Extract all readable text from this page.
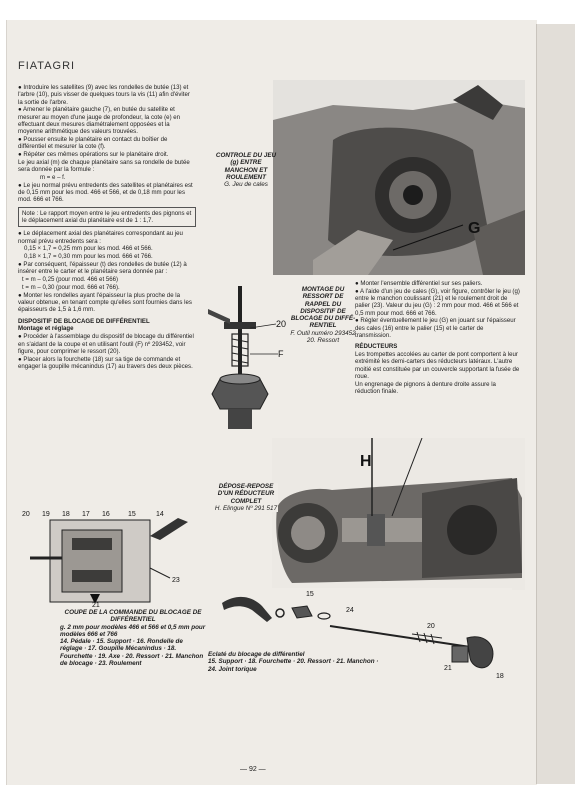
FIATAGRI

● Introduire les satellites (9) avec les rondelles de butée (13) et l'arbre (10), puis visser de quelques tours la vis (11) afin d'éviter la sortie de l'arbre.

● Amener le planétaire gauche (7), en butée du satellite et mesurer au moyen d'une jauge de profondeur, la cote (e) en effectuant deux mesures diamétralement opposées et la moyenne arithmétique des valeurs trouvées.

● Pousser ensuite le planétaire en contact du boîtier de différentiel et mesurer la cote (f).

● Répéter ces mêmes opérations sur le planétaire droit.

Le jeu axial (m) de chaque planétaire sans sa rondelle de butée sera donnée par la formule :

m = e – f.

● Le jeu normal prévu entredents des satellites et planétaires est de 0,15 mm pour les mod. 466 et 566, et de 0,18 mm pour les mod. 666 et 766.

Note : Le rapport moyen entre le jeu entredents des pignons et le déplacement axial du planétaire est de 1 : 1,7.

● Le déplacement axial des planétaires correspondant au jeu normal prévu entredents sera :

0,15 × 1,7 = 0,25 mm pour les mod. 466 et 566.

0,18 × 1,7 = 0,30 mm pour les mod. 666 et 766.

● Par conséquent, l'épaisseur (t) des rondelles de butée (12) à insérer entre le carter et le planétaire sera donnée par :

t = m – 0,25 (pour mod. 466 et 566)

t = m – 0,30 (pour mod. 666 et 766).

● Monter les rondelles ayant l'épaisseur la plus proche de la valeur obtenue, en tenant compte qu'elles sont fournies dans les épaisseurs de 1,5 à 1,6 mm.

DISPOSITIF DE BLOCAGE DE DIFFÉRENTIEL

Montage et réglage

● Procéder à l'assemblage du dispositif de blocage du différentiel en s'aidant de la coupe et en utilisant l'outil (F) nº 293452, voir figure, pour comprimer le ressort (20).

● Placer alors la fourchette (18) sur sa tige de commande et engager la goupille mécanindus (17) au travers des deux pièces.

G
CONTROLE DU JEU (g) ENTRE MANCHON ET ROULEMENT
G. Jeu de cales
20
F
MONTAGE DU RESSORT DE RAPPEL DU DISPOSITIF DE BLOCAGE DU DIFFÉ-RENTIEL
F. Outil numéro 293452
20. Ressort

● Monter l'ensemble différentiel sur ses paliers.

● A l'aide d'un jeu de cales (G), voir figure, contrôler le jeu (g) entre le manchon coulissant (21) et le roulement droit de palier (23). Valeur du jeu (G) : 2 mm pour mod. 466 et 566 et 0,5 mm pour mod. 666 et 766.

● Régler éventuellement le jeu (G) en jouant sur l'épaisseur des cales (16) entre le palier (15) et le carter de transmission.

RÉDUCTEURS

Les trompettes accolées au carter de pont comportent à leur extrémité les demi-carters des réducteurs latéraux. L'autre moitié est constituée par un couvercle supportant la fusée de roue.

Un engrenage de pignons à denture droite assure la réduction finale.

H
DÉPOSE-REPOSE D'UN RÉDUCTEUR COMPLET
H. Elingue Nº 291 517
20 19 18 17 16	15	14
23
21
COUPE DE LA COMMANDE DU BLOCAGE DE DIFFÉRENTIEL
g. 2 mm pour modèles 466 et 566 et 0,5 mm pour modèles 666 et 766
14. Pédale · 15. Support · 16. Rondelle de réglage · 17. Goupille Mécanindus · 18. Fourchette · 19. Axe · 20. Ressort · 21. Manchon de blocage · 23. Roulement
15
24
20
21
18
Eclaté du blocage de différentiel
15. Support · 18. Fourchette · 20. Ressort · 21. Manchon · 24. Joint torique
— 92 —
